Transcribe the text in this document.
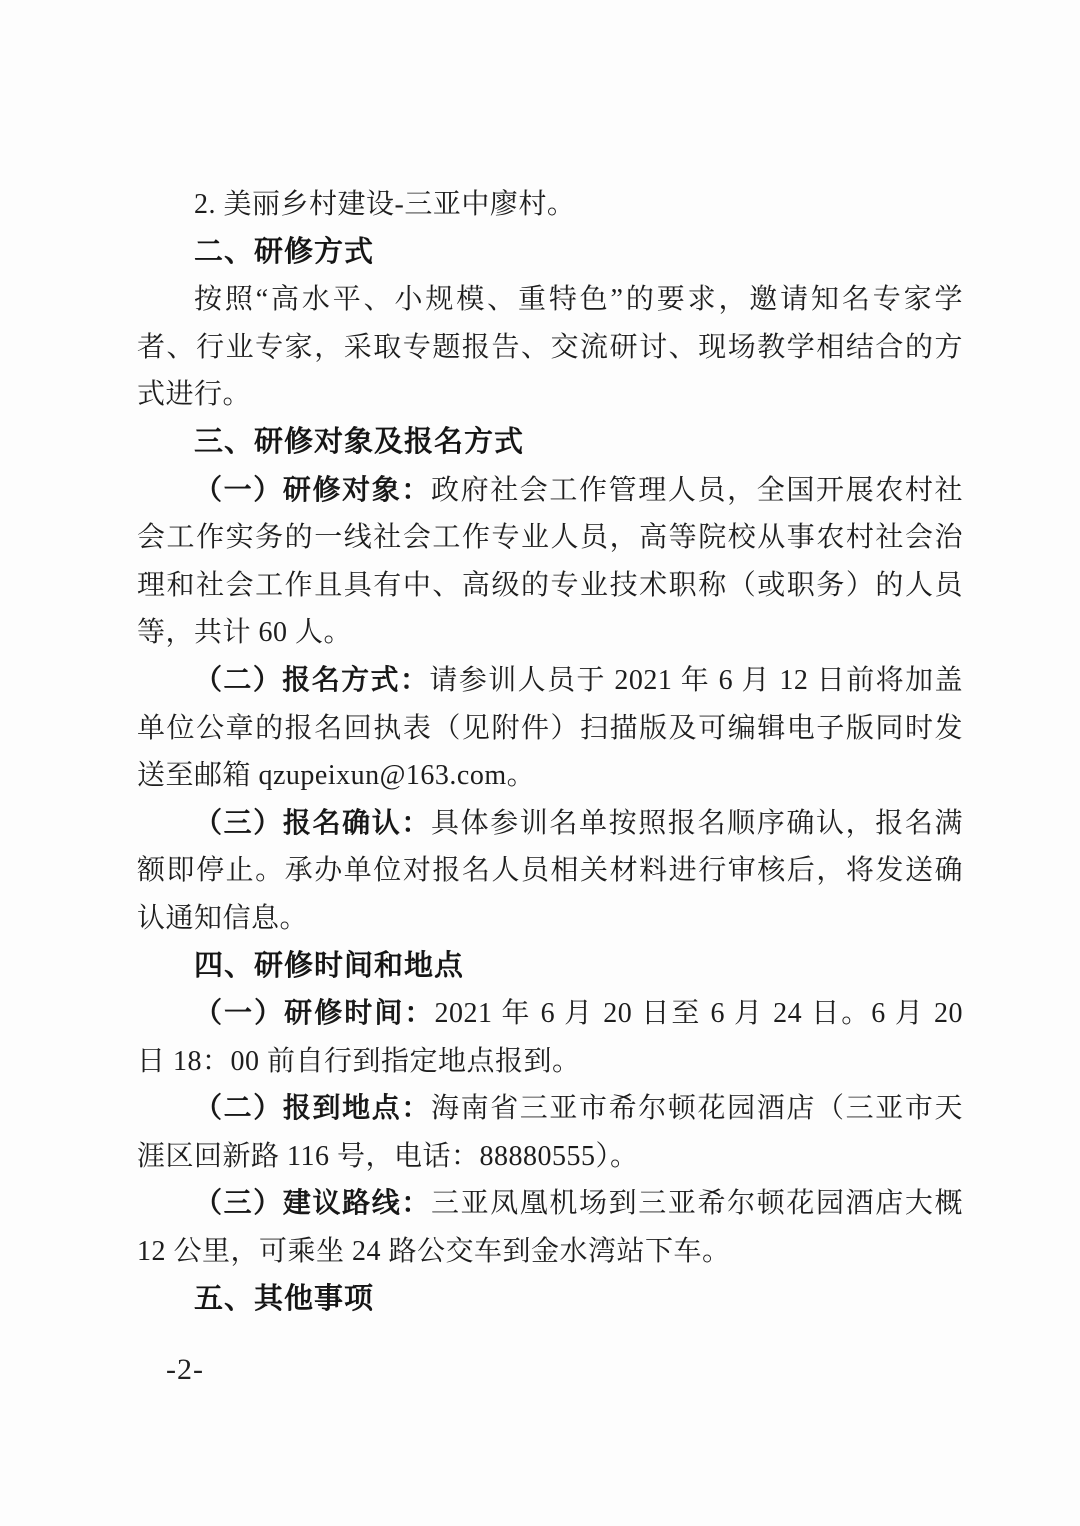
2. 美丽乡村建设-三亚中廖村。
二、研修方式
按照“高水平、小规模、重特色”的要求，邀请知名专家学
者、行业专家，采取专题报告、交流研讨、现场教学相结合的方
式进行。
三、研修对象及报名方式
（一）研修对象：政府社会工作管理人员，全国开展农村社
会工作实务的一线社会工作专业人员，高等院校从事农村社会治
理和社会工作且具有中、高级的专业技术职称（或职务）的人员
等，共计 60 人。
（二）报名方式：请参训人员于 2021 年 6 月 12 日前将加盖
单位公章的报名回执表（见附件）扫描版及可编辑电子版同时发
送至邮箱 qzupeixun@163.com。
（三）报名确认：具体参训名单按照报名顺序确认，报名满
额即停止。承办单位对报名人员相关材料进行审核后，将发送确
认通知信息。
四、研修时间和地点
（一）研修时间：2021 年 6 月 20 日至 6 月 24 日。6 月 20
日 18：00 前自行到指定地点报到。
（二）报到地点：海南省三亚市希尔顿花园酒店（三亚市天
涯区回新路 116 号，电话：88880555）。
（三）建议路线：三亚凤凰机场到三亚希尔顿花园酒店大概
12 公里，可乘坐 24 路公交车到金水湾站下车。
五、其他事项
-2-
